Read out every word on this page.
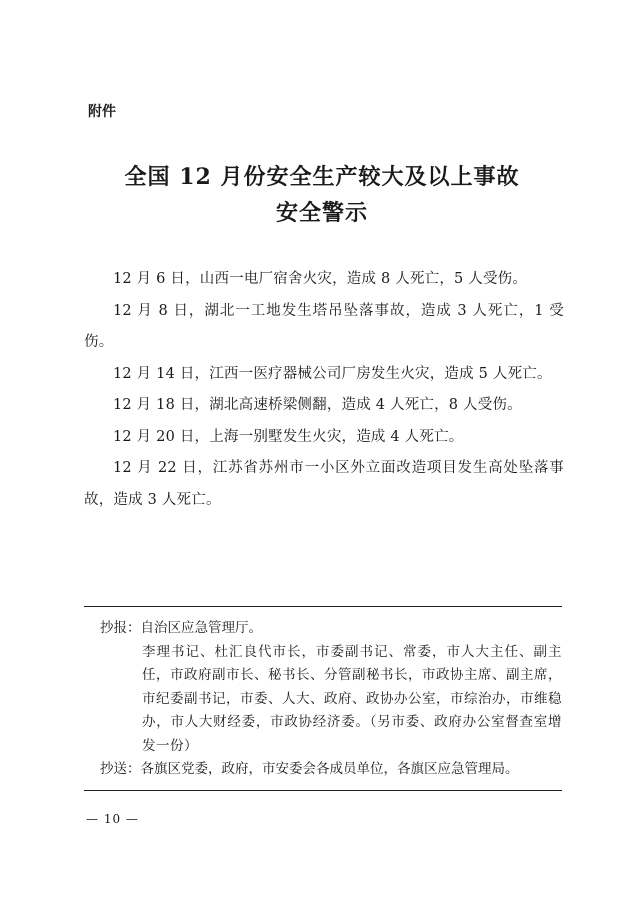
附件
全国 12 月份安全生产较大及以上事故
安全警示

12 月 6 日，山西一电厂宿舍火灾，造成 8 人死亡，5 人受伤。

12 月 8 日，湖北一工地发生塔吊坠落事故，造成 3 人死亡，1 受伤。

12 月 14 日，江西一医疗器械公司厂房发生火灾，造成 5 人死亡。

12 月 18 日，湖北高速桥梁侧翻，造成 4 人死亡，8 人受伤。

12 月 20 日，上海一别墅发生火灾，造成 4 人死亡。

12 月 22 日，江苏省苏州市一小区外立面改造项目发生高处坠落事故，造成 3 人死亡。

抄报： 自治区应急管理厅。

李理书记、杜汇良代市长，市委副书记、常委，市人大主任、副主任，市政府副市长、秘书长、分管副秘书长，市政协主席、副主席，市纪委副书记，市委、人大、政府、政协办公室，市综治办，市维稳办，市人大财经委，市政协经济委。（另市委、政府办公室督查室增发一份）

抄送： 各旗区党委，政府，市安委会各成员单位，各旗区应急管理局。
— 10 —
